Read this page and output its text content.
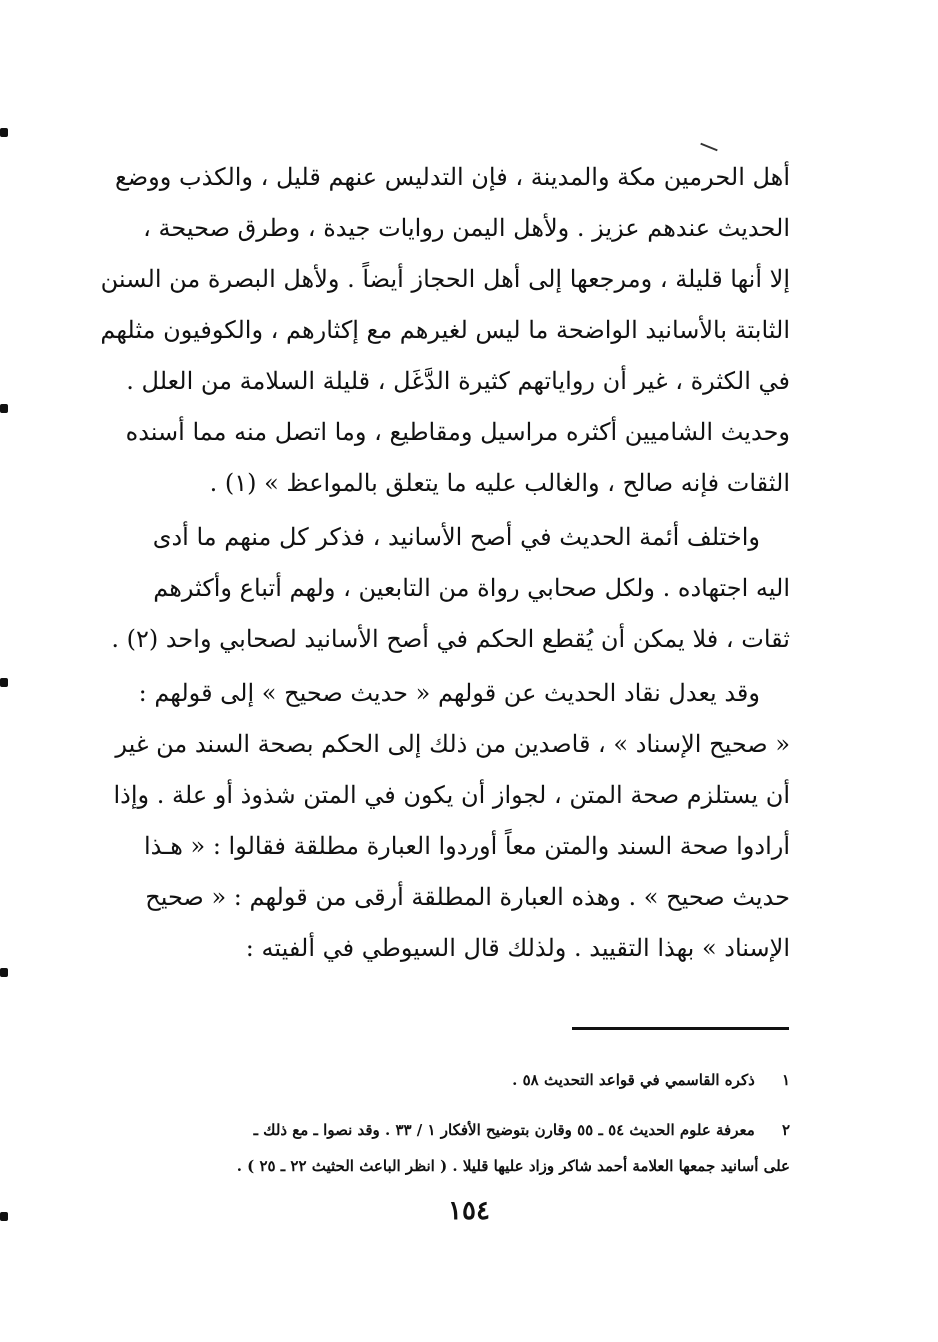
أهل الحرمين مكة والمدينة ، فإن التدليس عنهم قليل ، والكذب ووضع
الحديث عندهم عزيز . ولأهل اليمن روايات جيدة ، وطرق صحيحة ،
إلا أنها قليلة ، ومرجعها إلى أهل الحجاز أيضاً . ولأهل البصرة من السنن
الثابتة بالأسانيد الواضحة ما ليس لغيرهم مع إكثارهم ، والكوفيون مثلهم
في الكثرة ، غير أن رواياتهم كثيرة الدَّغَل ، قليلة السلامة من العلل .
وحديث الشاميين أكثره مراسيل ومقاطيع ، وما اتصل منه مما أسنده
الثقات فإنه صالح ، والغالب عليه ما يتعلق بالمواعظ » (١) .
واختلف أئمة الحديث في أصح الأسانيد ، فذكر كل منهم ما أدى
اليه اجتهاده . ولكل صحابي رواة من التابعين ، ولهم أتباع وأكثرهم
ثقات ، فلا يمكن أن يُقطع الحكم في أصح الأسانيد لصحابي واحد (٢) .
وقد يعدل نقاد الحديث عن قولهم « حديث صحيح » إلى قولهم :
« صحيح الإسناد » ، قاصدين من ذلك إلى الحكم بصحة السند من غير
أن يستلزم صحة المتن ، لجواز أن يكون في المتن شذوذ أو علة . وإذا
أرادوا صحة السند والمتن معاً أوردوا العبارة مطلقة فقالوا : « هـذا
حديث صحيح » . وهذه العبارة المطلقة أرقى من قولهم : « صحيح
الإسناد » بهذا التقييد . ولذلك قال السيوطي في ألفيته :
١ ذكره القاسمي في قواعد التحديث ٥٨ .
٢ معرفة علوم الحديث ٥٤ ـ ٥٥ وقارن بتوضيح الأفكار ١ / ٣٣ . وقد نصوا ـ مع ذلك ـ
على أسانيد جمعها العلامة أحمد شاكر وزاد عليها قليلا . ( انظر الباعث الحثيث ٢٢ ـ ٢٥ ) .
١٥٤
